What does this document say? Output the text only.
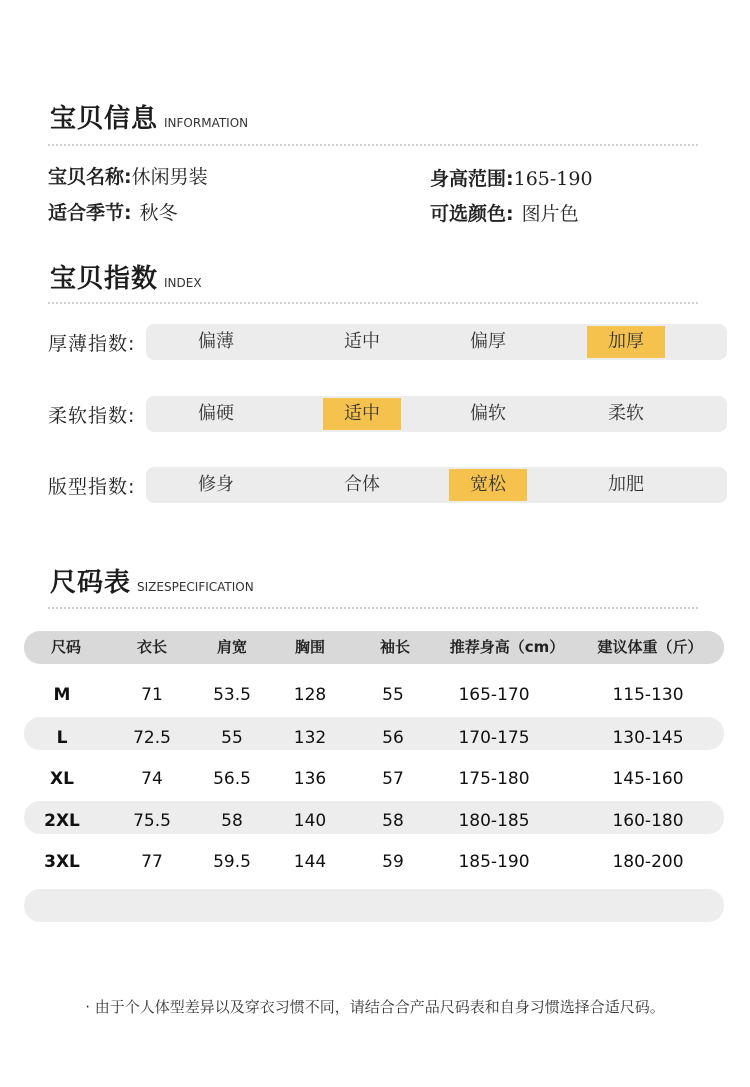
宝贝信息 INFORMATION
宝贝名称:休闲男装	身高范围:165-190
适合季节: 秋冬	可选颜色: 图片色
宝贝指数 INDEX
厚薄指数:	偏薄	适中	偏厚	加厚
柔软指数:	偏硬	适中	偏软	柔软
版型指数:	修身	合体	宽松	加肥
尺码表 SIZESPECIFICATION
尺码	衣长	肩宽	胸围	袖长	推荐身高（cm）	建议体重（斤）
M	71	53.5	128	55	165-170	115-130
L	72.5	55	132	56	170-175	130-145
XL	74	56.5	136	57	175-180	145-160
2XL	75.5	58	140	58	180-185	160-180
3XL	77	59.5	144	59	185-190	180-200
· 由于个人体型差异以及穿衣习惯不同，请结合合产品尺码表和自身习惯选择合适尺码。
